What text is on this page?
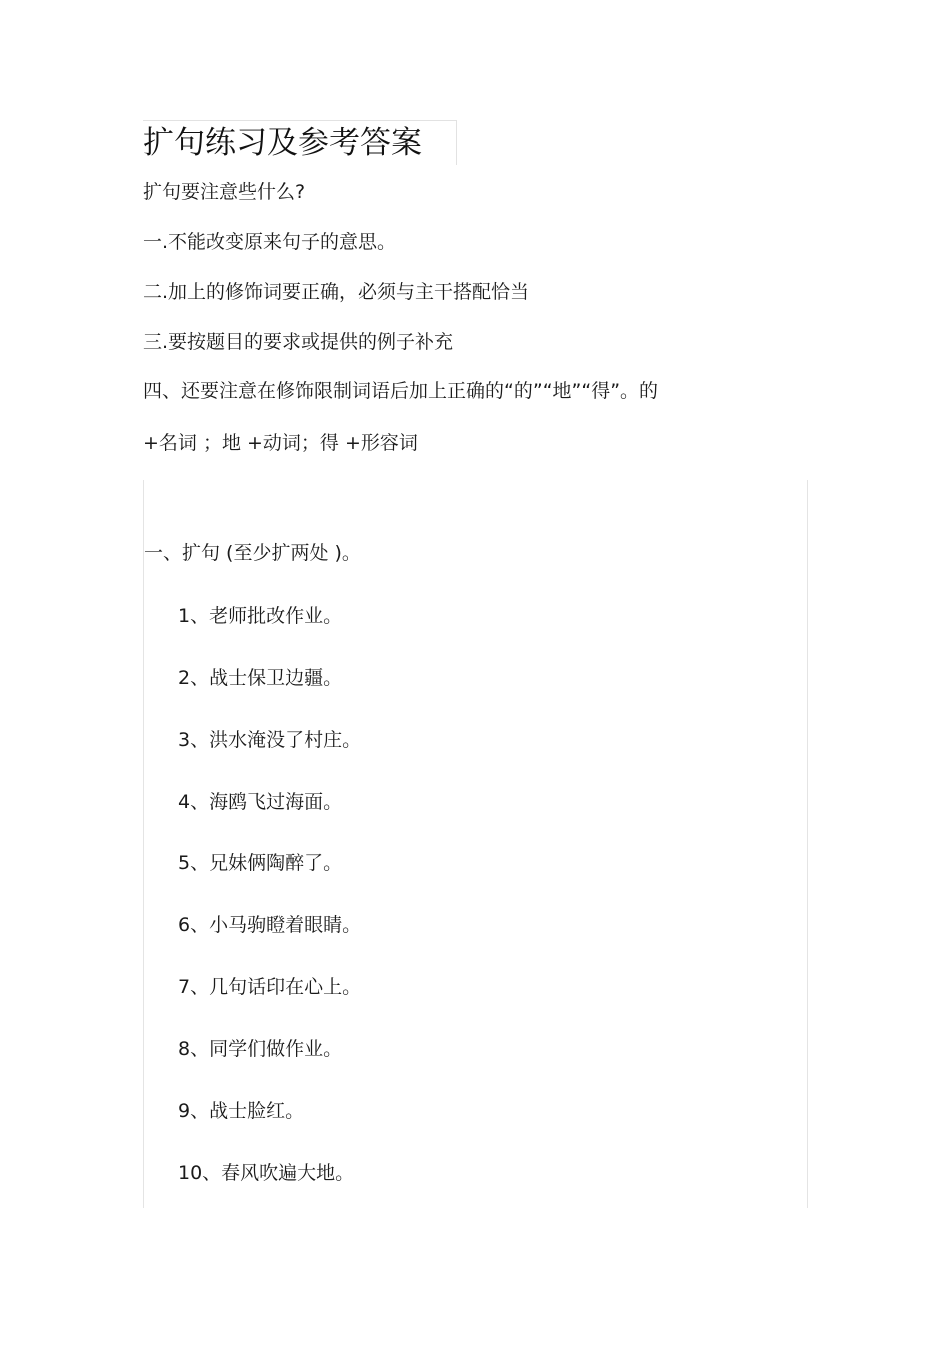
扩句练习及参考答案
扩句要注意些什么?
一.不能改变原来句子的意思。
二.加上的修饰词要正确，必须与主干搭配恰当
三.要按题目的要求或提供的例子补充
四、还要注意在修饰限制词语后加上正确的“的”“地”“得”。的
+名词 ；地 +动词；得 +形容词
一、扩句 (至少扩两处 )。
1、老师批改作业。
2、战士保卫边疆。
3、洪水淹没了村庄。
4、海鸥飞过海面。
5、兄妹俩陶醉了。
6、小马驹瞪着眼睛。
7、几句话印在心上。
8、同学们做作业。
9、战士脸红。
10、春风吹遍大地。
